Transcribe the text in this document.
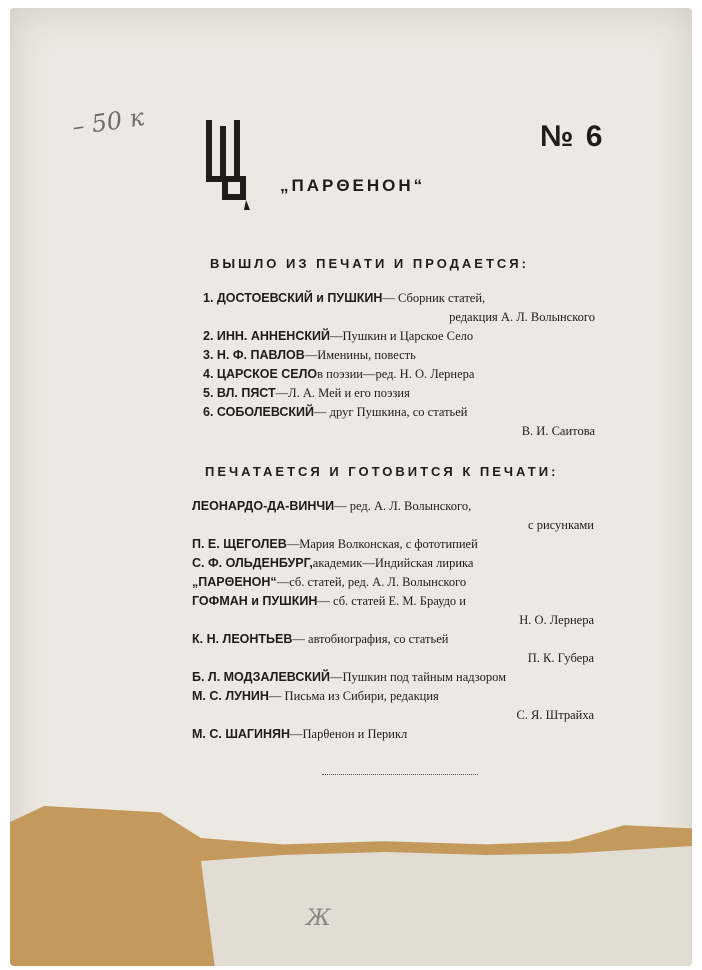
– 50 к	№ 6
„ПАРΘЕНОН“
ВЫШЛО ИЗ ПЕЧАТИ И ПРОДАЕТСЯ:
1. ДОСТОЕВСКИЙ и ПУШКИН— Сборник статей,
редакция А. Л. Волынского
2. ИНН. АННЕНСКИЙ—Пушкин и Царское Село
3. Н. Ф. ПАВЛОВ—Именины, повесть
4. ЦАРСКОЕ СЕЛОв поэзии—ред. Н. О. Лернера
5. ВЛ. ПЯСТ—Л. А. Мей и его поэзия
6. СОБОЛЕВСКИЙ— друг Пушкина, со статьей
В. И. Саитова
ПЕЧАТАЕТСЯ И ГОТОВИТСЯ К ПЕЧАТИ:
ЛЕОНАРДО-ДА-ВИНЧИ— ред. А. Л. Волынского,
с рисунками
П. Е. ЩЕГОЛЕВ—Мария Волконская, с фототипией
С. Ф. ОЛЬДЕНБУРГ,академик—Индийская лирика
„ПАРΘЕНОН“—сб. статей, ред. А. Л. Волынского
ГОФМАН и ПУШКИН— сб. статей Е. М. Браудо и
Н. О. Лернера
К. Н. ЛЕОНТЬЕВ— автобиография, со статьей
П. К. Губера
Б. Л. МОДЗАЛЕВСКИЙ—Пушкин под тайным надзором
М. С. ЛУНИН— Письма из Сибири, редакция
С. Я. Штрайха
М. С. ШАГИНЯН—Парθенон и Перикл
Ж
